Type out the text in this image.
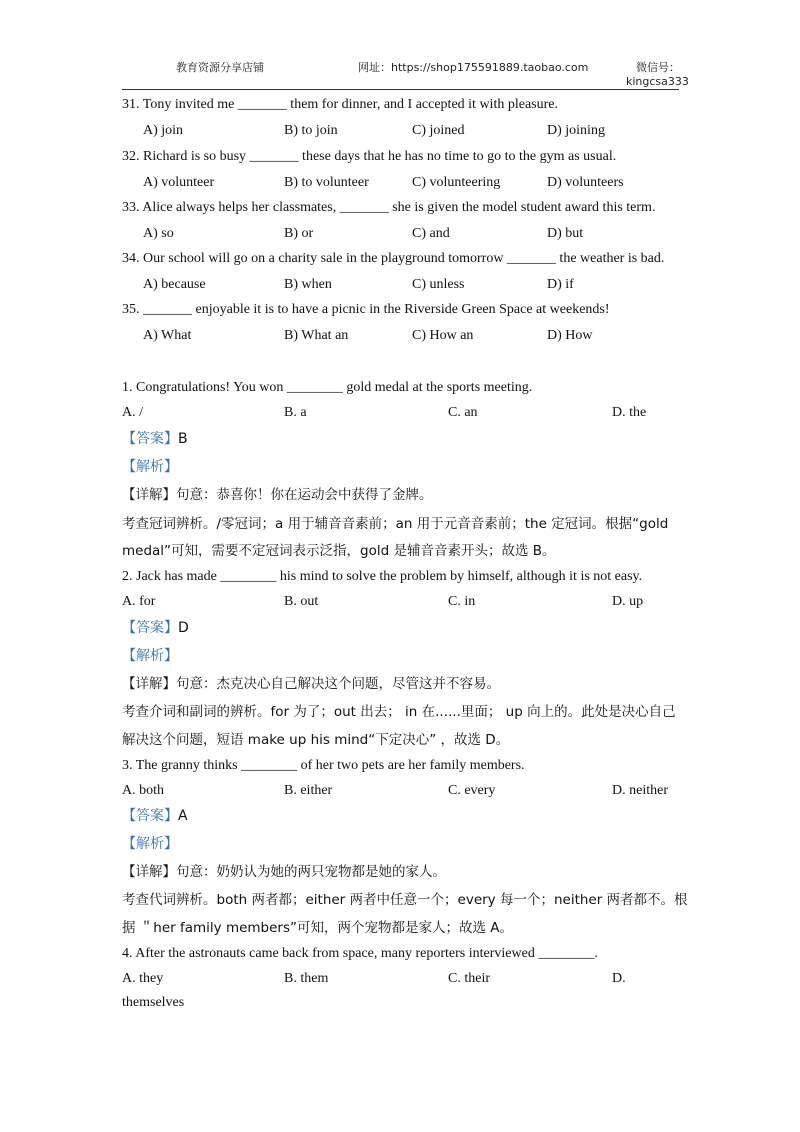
教育资源分享店铺	网址：https://shop175591889.taobao.com	微信号：
kingcsa333
31. Tony invited me _______ them for dinner, and I accepted it with pleasure.
A) join	B) to join	C) joined	D) joining
32. Richard is so busy _______ these days that he has no time to go to the gym as usual.
A) volunteer	B) to volunteer	C) volunteering	D) volunteers
33. Alice always helps her classmates, _______ she is given the model student award this term.
A) so	B) or	C) and	D) but
34. Our school will go on a charity sale in the playground tomorrow _______ the weather is bad.
A) because	B) when	C) unless	D) if
35. _______ enjoyable it is to have a picnic in the Riverside Green Space at weekends!
A) What	B) What an	C) How an	D) How
1. Congratulations! You won ________ gold medal at the sports meeting.
A. /	B. a	C. an	D. the
【答案】B
【解析】
【详解】句意：恭喜你！你在运动会中获得了金牌。
考查冠词辨析。/零冠词；a 用于辅音音素前；an 用于元音音素前；the 定冠词。根据“gold
medal”可知，需要不定冠词表示泛指，gold 是辅音音素开头；故选 B。
2. Jack has made ________ his mind to solve the problem by himself, although it is not easy.
A. for	B. out	C. in	D. up
【答案】D
【解析】
【详解】句意：杰克决心自己解决这个问题，尽管这并不容易。
考查介词和副词的辨析。for 为了；out 出去； in 在......里面； up 向上的。此处是决心自己
解决这个问题，短语 make up his mind“下定决心” ，故选 D。
3. The granny thinks ________ of her two pets are her family members.
A. both	B. either	C. every	D. neither
【答案】A
【解析】
【详解】句意：奶奶认为她的两只宠物都是她的家人。
考查代词辨析。both 两者都；either 两者中任意一个；every 每一个；neither 两者都不。根
据 ＂her family members”可知，两个宠物都是家人；故选 A。
4. After the astronauts came back from space, many reporters interviewed ________.
A. they	B. them	C. their	D.
themselves
